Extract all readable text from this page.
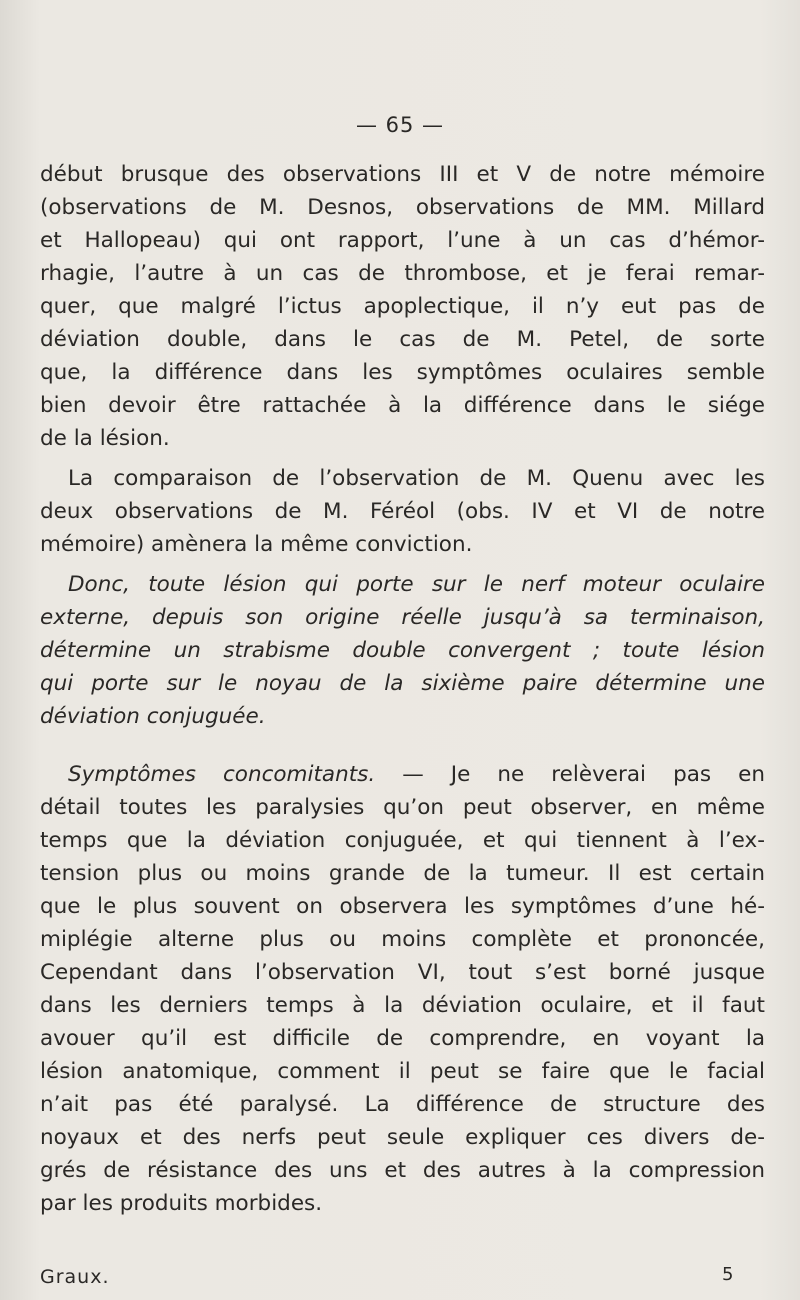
— 65 —
début brusque des observations III et V de notre mémoire
(observations de M. Desnos, observations de MM. Millard
et Hallopeau) qui ont rapport, l’une à un cas d’hémor-
rhagie, l’autre à un cas de thrombose, et je ferai remar-
quer, que malgré l’ictus apoplectique, il n’y eut pas de
déviation double, dans le cas de M. Petel, de sorte
que, la différence dans les symptômes oculaires semble
bien devoir être rattachée à la différence dans le siége
de la lésion.
La comparaison de l’observation de M. Quenu avec les
deux observations de M. Féréol (obs. IV et VI de notre
mémoire) amènera la même conviction.
Donc, toute lésion qui porte sur le nerf moteur oculaire
externe, depuis son origine réelle jusqu’à sa terminaison,
détermine un strabisme double convergent ; toute lésion
qui porte sur le noyau de la sixième paire détermine une
déviation conjuguée.
Symptômes concomitants. — Je ne relèverai pas en
détail toutes les paralysies qu’on peut observer, en même
temps que la déviation conjuguée, et qui tiennent à l’ex-
tension plus ou moins grande de la tumeur. Il est certain
que le plus souvent on observera les symptômes d’une hé-
miplégie alterne plus ou moins complète et prononcée,
Cependant dans l’observation VI, tout s’est borné jusque
dans les derniers temps à la déviation oculaire, et il faut
avouer qu’il est difficile de comprendre, en voyant la
lésion anatomique, comment il peut se faire que le facial
n’ait pas été paralysé. La différence de structure des
noyaux et des nerfs peut seule expliquer ces divers de-
grés de résistance des uns et des autres à la compression
par les produits morbides.
Graux.	5
